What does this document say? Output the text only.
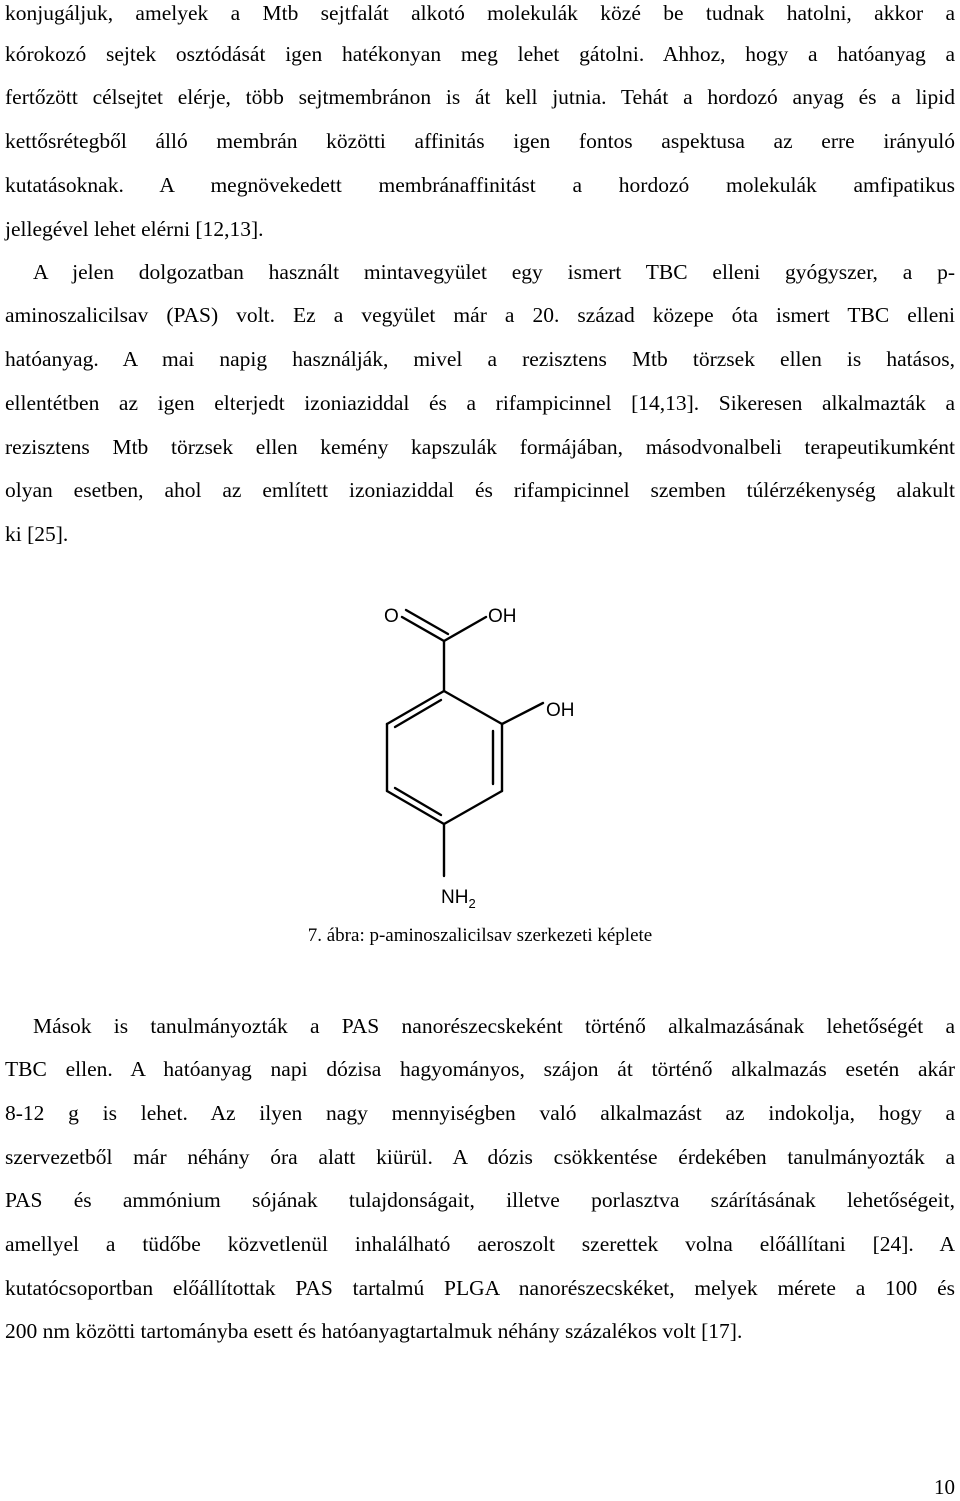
konjugáljuk, amelyek a Mtb sejtfalát alkotó molekulák közé be tudnak hatolni, akkor a
kórokozó sejtek osztódását igen hatékonyan meg lehet gátolni. Ahhoz, hogy a hatóanyag a
fertőzött célsejtet elérje, több sejtmembránon is át kell jutnia. Tehát a hordozó anyag és a lipid
kettősrétegből álló membrán közötti affinitás igen fontos aspektusa az erre irányuló
kutatásoknak. A megnövekedett membránaffinitást a hordozó molekulák amfipatikus
jellegével lehet elérni [12,13].
A jelen dolgozatban használt mintavegyület egy ismert TBC elleni gyógyszer, a p-
aminoszalicilsav (PAS) volt. Ez a vegyület már a 20. század közepe óta ismert TBC elleni
hatóanyag. A mai napig használják, mivel a rezisztens Mtb törzsek ellen is hatásos,
ellentétben az igen elterjedt izoniaziddal és a rifampicinnel [14,13]. Sikeresen alkalmazták a
rezisztens Mtb törzsek ellen kemény kapszulák formájában, másodvonalbeli terapeutikumként
olyan esetben, ahol az említett izoniaziddal és rifampicinnel szemben túlérzékenység alakult
ki [25].
O	OH
OH
$NH_2$
7. ábra: p-aminoszalicilsav szerkezeti képlete
Mások is tanulmányozták a PAS nanorészecskeként történő alkalmazásának lehetőségét a
TBC ellen. A hatóanyag napi dózisa hagyományos, szájon át történő alkalmazás esetén akár
8-12 g is lehet. Az ilyen nagy mennyiségben való alkalmazást az indokolja, hogy a
szervezetből már néhány óra alatt kiürül. A dózis csökkentése érdekében tanulmányozták a
PAS és ammónium sójának tulajdonságait, illetve porlasztva szárításának lehetőségeit,
amellyel a tüdőbe közvetlenül inhalálható aeroszolt szerettek volna előállítani [24]. A
kutatócsoportban előállítottak PAS tartalmú PLGA nanorészecskéket, melyek mérete a 100 és
200 nm közötti tartományba esett és hatóanyagtartalmuk néhány százalékos volt [17].
10
